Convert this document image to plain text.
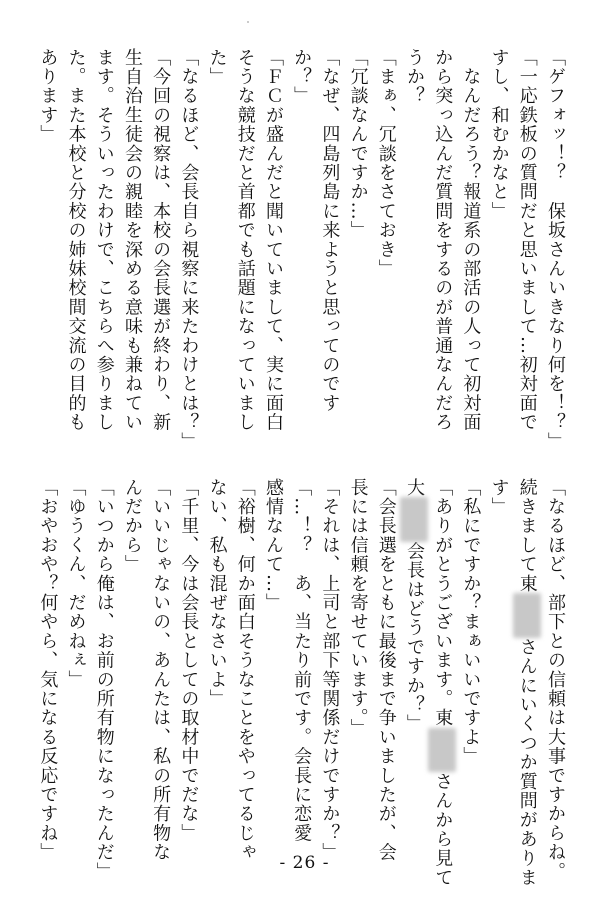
「ゲフォッ！？　保坂さんいきなり何を！？」

「一応鉄板の質問だと思いまして…初対面で

すし、和むかなと」

　なんだろう？報道系の部活の人って初対面

から突っ込んだ質問をするのが普通なんだろ

うか？

「まぁ、冗談をさておき」

「冗談なんですか…」

「なぜ、四島列島に来ようと思ってのです

か？」

「ＦＣが盛んだと聞いていまして、実に面白

そうな競技だと首都でも話題になっていまし

た」

「なるほど、会長自ら視察に来たわけとは？」

「今回の視察は、本校の会長選が終わり、新

生自治生徒会の親睦を深める意味も兼ねてい

ます。そういったわけで、こちらへ参りまし

た。また本校と分校の姉妹校間交流の目的も

あります」

「なるほど、部下との信頼は大事ですからね。

続きまして東さんにいくつか質問がありま

す」

「私にですか？まぁいいですよ」

「ありがとうございます。東さんから見て

大会長はどうですか？」

「会長選をともに最後まで争いましたが、会

長には信頼を寄せています。」

「それは、上司と部下等関係だけですか？」

「…！？　あ、当たり前です。会長に恋愛

感情なんて…」

「裕樹、何か面白そうなことをやってるじゃ

ない、私も混ぜなさいよ」

「千里、今は会長としての取材中でだな」

「いいじゃないの、あんたは、私の所有物な

んだから」

「いつから俺は、お前の所有物になったんだ」

「ゆうくん、だめねぇ」

「おやおや？何やら、気になる反応ですね」

- 26 -
